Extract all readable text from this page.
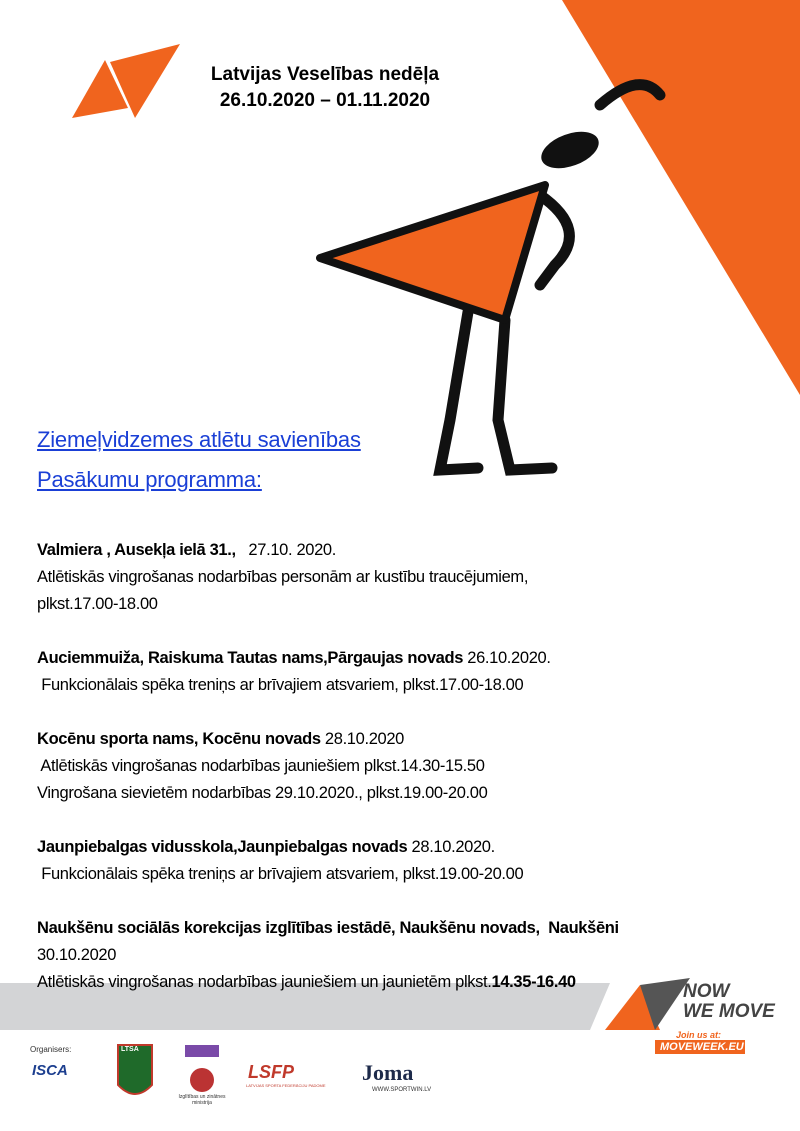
Latvijas Veselības nedēļa
26.10.2020 – 01.11.2020
Ziemeļvidzemes atlētu savienības
Pasākumu programma:

Valmiera , Ausekļa ielā 31.,   27.10. 2020.
Atlētiskās vingrošanas nodarbības personām ar kustību traucējumiem,
plkst.17.00-18.00

Auciemmuiža, Raiskuma Tautas nams,Pārgaujas novads 26.10.2020.
Funkcionālais spēka treniņs ar brīvajiem atsvariem, plkst.17.00-18.00

Kocēnu sporta nams, Kocēnu novads 28.10.2020
Atlētiskās vingrošanas nodarbības jauniešiem plkst.14.30-15.50
Vingrošana sievietēm nodarbības 29.10.2020., plkst.19.00-20.00

Jaunpiebalgas vidusskola,Jaunpiebalgas novads 28.10.2020.
Funkcionālais spēka treniņs ar brīvajiem atsvariem, plkst.19.00-20.00

Naukšēnu sociālās korekcijas izglītības iestādē, Naukšēnu novads,  Naukšēni
30.10.2020
Atlētiskās vingrošanas nodarbības jauniešiem un jaunietēm plkst.14.35-16.40	NOW
WE MOVE
Join us at:
MOVEWEEK.EU
Organisers:
ISCA
LTSA
Izglītības un zinātnes ministrija
LSFP
LATVIJAS SPORTA FEDERĀCIJU PADOME
Joma
WWW.SPORTWIN.LV
